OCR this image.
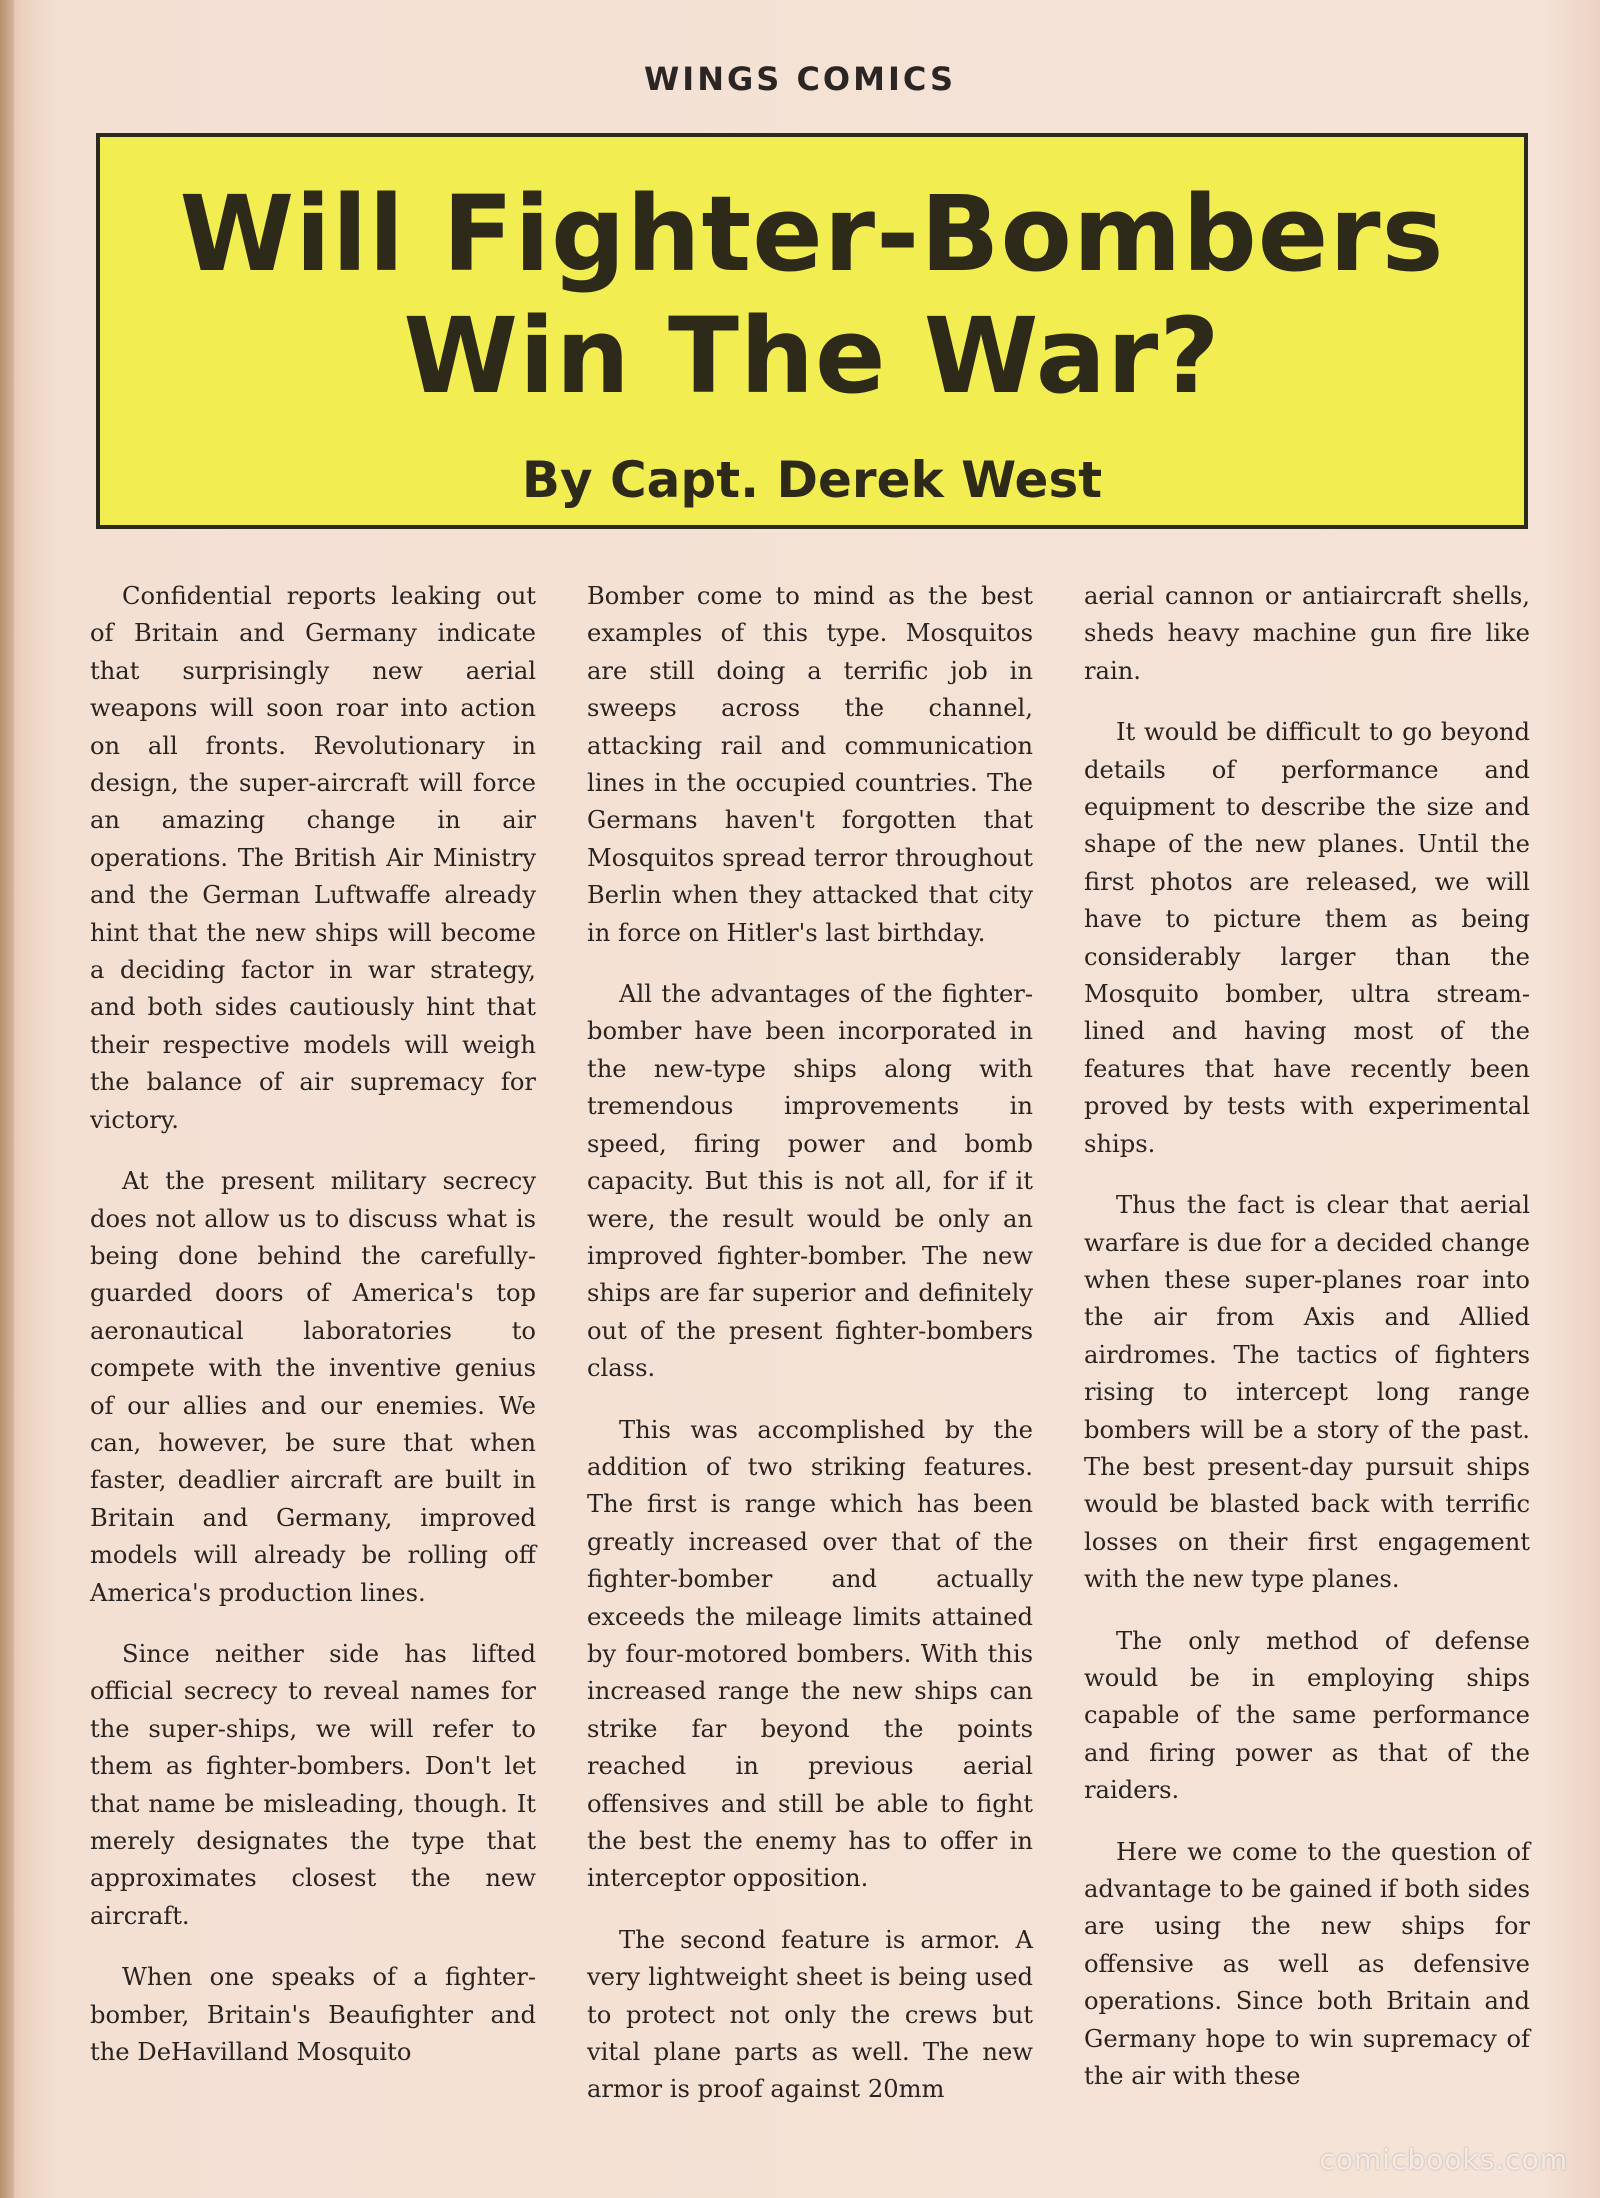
WINGS COMICS
Will Fighter-Bombers
Win The War?
By Capt. Derek West

Confidential reports leaking out of Britain and Germany indicate that surprisingly new aerial weapons will soon roar into action on all fronts. Revolutionary in design, the super-aircraft will force an amazing change in air operations. The British Air Ministry and the German Luftwaffe already hint that the new ships will become a deciding factor in war strategy, and both sides cautiously hint that their respective models will weigh the balance of air supremacy for victory.

At the present military secrecy does not allow us to discuss what is being done behind the carefully-guarded doors of America's top aeronautical laboratories to compete with the inventive genius of our allies and our enemies. We can, however, be sure that when faster, deadlier aircraft are built in Britain and Germany, improved models will already be rolling off America's production lines.

Since neither side has lifted official secrecy to reveal names for the super-ships, we will refer to them as fighter-bombers. Don't let that name be misleading, though. It merely designates the type that approximates closest the new aircraft.

When one speaks of a fighter-bomber, Britain's Beaufighter and the DeHavilland Mosquito

Bomber come to mind as the best examples of this type. Mosquitos are still doing a terrific job in sweeps across the channel, attacking rail and communication lines in the occupied countries. The Germans haven't forgotten that Mosquitos spread terror throughout Berlin when they attacked that city in force on Hitler's last birthday.

All the advantages of the fighter-bomber have been incorporated in the new-type ships along with tremendous improvements in speed, firing power and bomb capacity. But this is not all, for if it were, the result would be only an improved fighter-bomber. The new ships are far superior and definitely out of the present fighter-bombers class.

This was accomplished by the addition of two striking features. The first is range which has been greatly increased over that of the fighter-bomber and actually exceeds the mileage limits attained by four-motored bombers. With this increased range the new ships can strike far beyond the points reached in previous aerial offensives and still be able to fight the best the enemy has to offer in interceptor opposition.

The second feature is armor. A very lightweight sheet is being used to protect not only the crews but vital plane parts as well. The new armor is proof against 20mm

aerial cannon or antiaircraft shells, sheds heavy machine gun fire like rain.

It would be difficult to go beyond details of performance and equipment to describe the size and shape of the new planes. Until the first photos are released, we will have to picture them as being considerably larger than the Mosquito bomber, ultra stream-lined and having most of the features that have recently been proved by tests with experimental ships.

Thus the fact is clear that aerial warfare is due for a decided change when these super-planes roar into the air from Axis and Allied airdromes. The tactics of fighters rising to intercept long range bombers will be a story of the past. The best present-day pursuit ships would be blasted back with terrific losses on their first engagement with the new type planes.

The only method of defense would be in employing ships capable of the same performance and firing power as that of the raiders.

Here we come to the question of advantage to be gained if both sides are using the new ships for offensive as well as defensive operations. Since both Britain and Germany hope to win supremacy of the air with these

comicbooks.com
